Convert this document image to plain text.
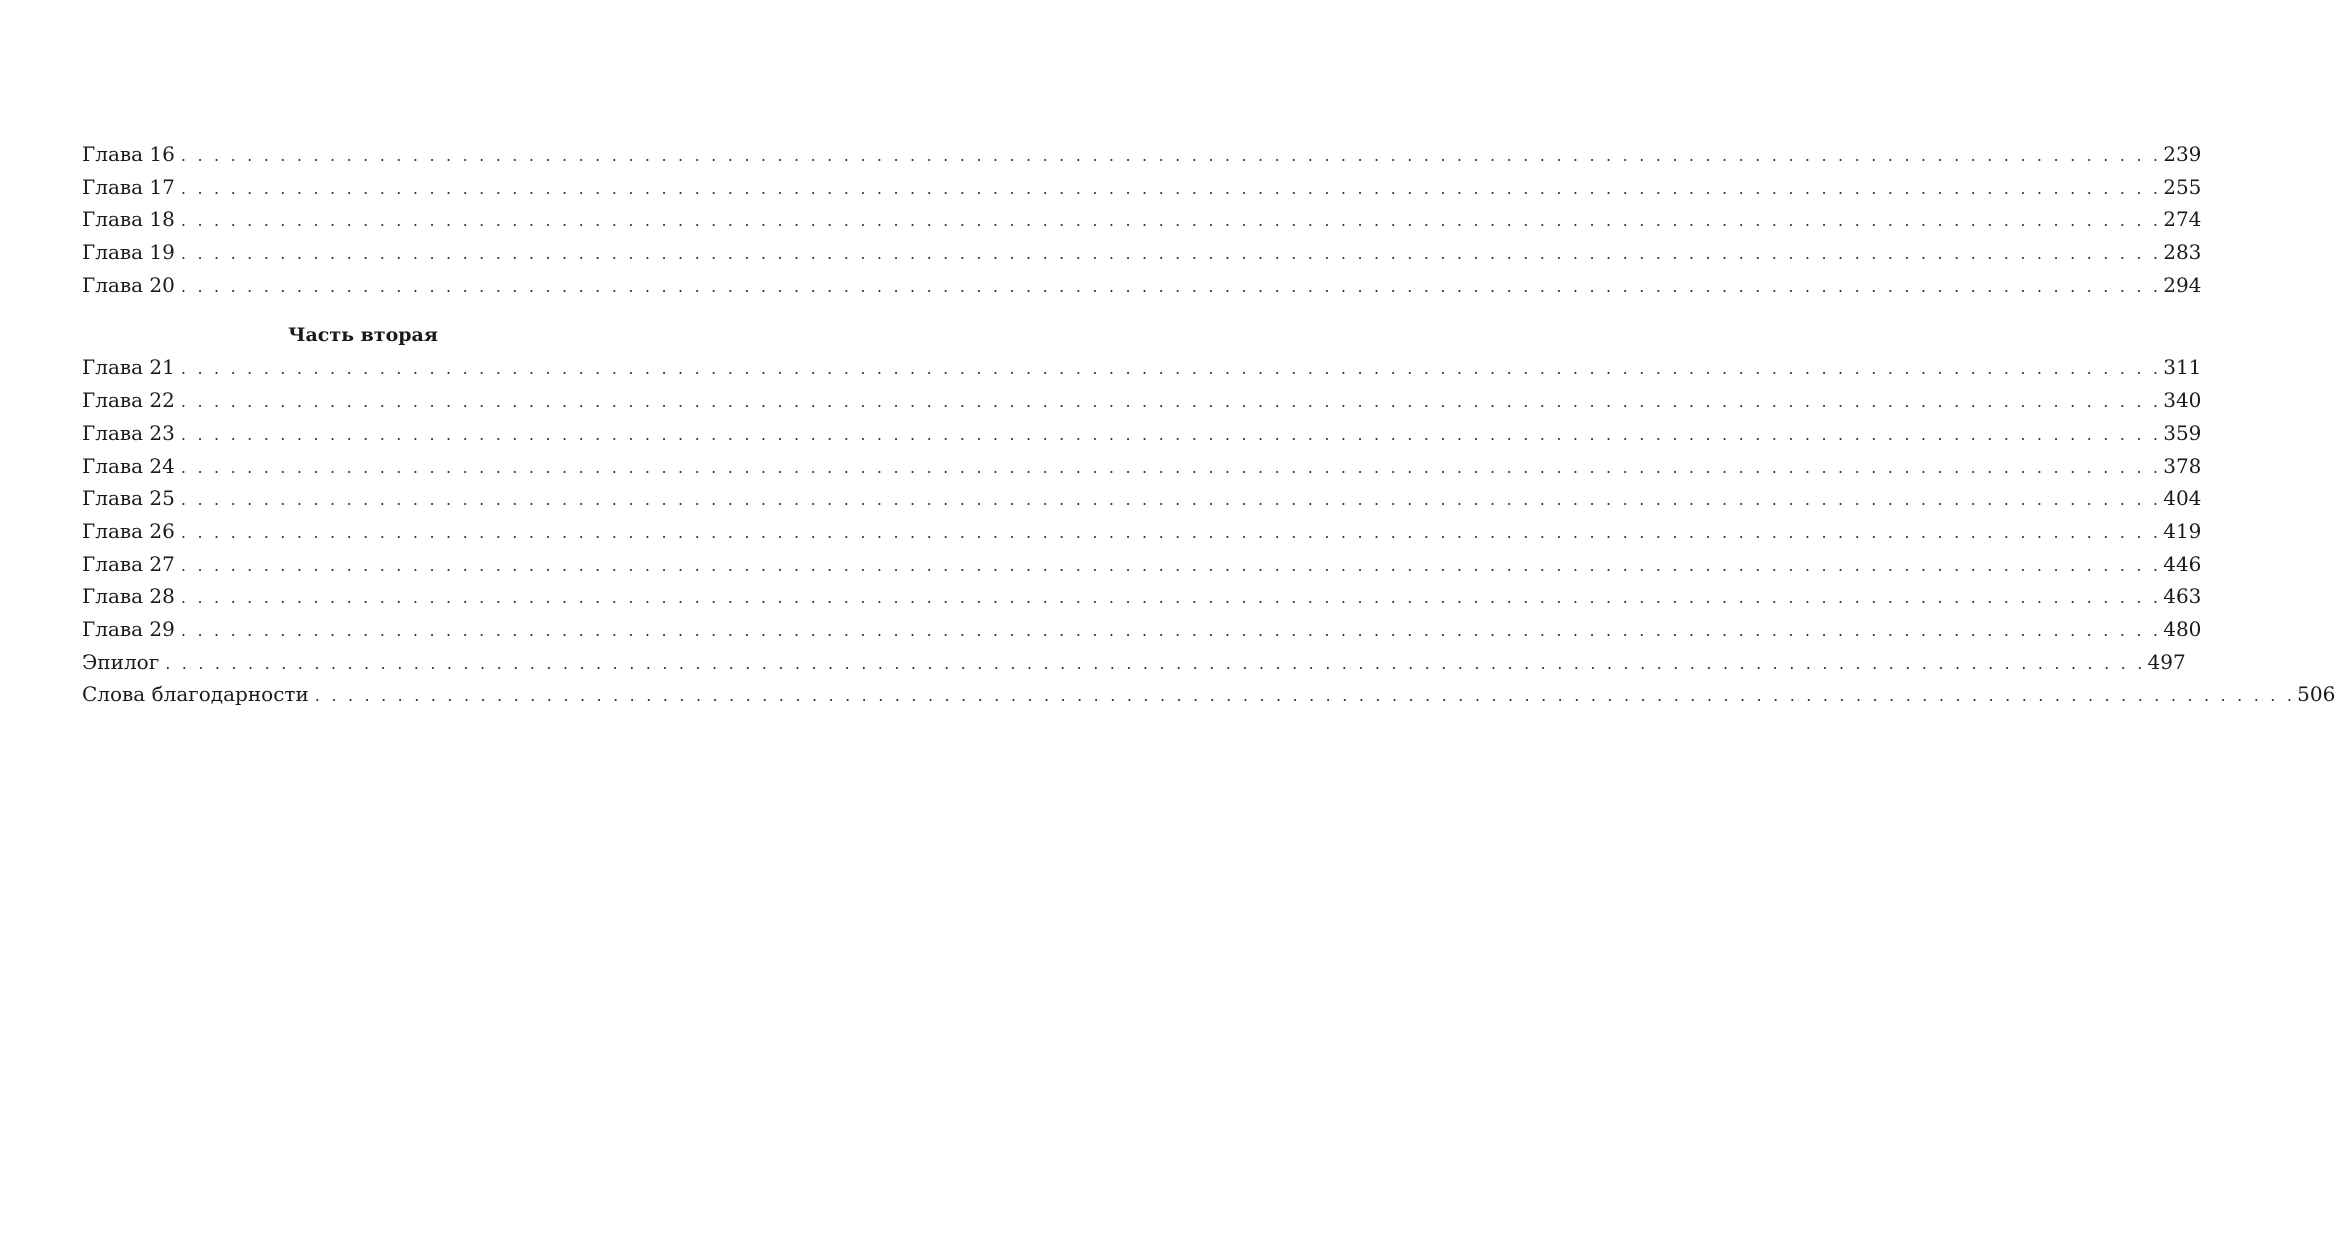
Глава 16 . . . . . . . . . . . . . . . . . . . . . . . . . . . . . . . . . . . . . . . . . . . . . . . . . . . . . . . . . . . . . . . . . . . . . . . . . . . . . . . . . . . . . . . . . . . . . . . . . . . . . . . . . . . . . . . . . . . . . . . . 239
Глава 17 . . . . . . . . . . . . . . . . . . . . . . . . . . . . . . . . . . . . . . . . . . . . . . . . . . . . . . . . . . . . . . . . . . . . . . . . . . . . . . . . . . . . . . . . . . . . . . . . . . . . . . . . . . . . . . . . . . . . . . . . 255
Глава 18 . . . . . . . . . . . . . . . . . . . . . . . . . . . . . . . . . . . . . . . . . . . . . . . . . . . . . . . . . . . . . . . . . . . . . . . . . . . . . . . . . . . . . . . . . . . . . . . . . . . . . . . . . . . . . . . . . . . . . . . . 274
Глава 19 . . . . . . . . . . . . . . . . . . . . . . . . . . . . . . . . . . . . . . . . . . . . . . . . . . . . . . . . . . . . . . . . . . . . . . . . . . . . . . . . . . . . . . . . . . . . . . . . . . . . . . . . . . . . . . . . . . . . . . . . 283
Глава 20 . . . . . . . . . . . . . . . . . . . . . . . . . . . . . . . . . . . . . . . . . . . . . . . . . . . . . . . . . . . . . . . . . . . . . . . . . . . . . . . . . . . . . . . . . . . . . . . . . . . . . . . . . . . . . . . . . . . . . . . . 294
Часть вторая
Глава 21 . . . . . . . . . . . . . . . . . . . . . . . . . . . . . . . . . . . . . . . . . . . . . . . . . . . . . . . . . . . . . . . . . . . . . . . . . . . . . . . . . . . . . . . . . . . . . . . . . . . . . . . . . . . . . . . . . . . . . . . . 311
Глава 22 . . . . . . . . . . . . . . . . . . . . . . . . . . . . . . . . . . . . . . . . . . . . . . . . . . . . . . . . . . . . . . . . . . . . . . . . . . . . . . . . . . . . . . . . . . . . . . . . . . . . . . . . . . . . . . . . . . . . . . . . 340
Глава 23 . . . . . . . . . . . . . . . . . . . . . . . . . . . . . . . . . . . . . . . . . . . . . . . . . . . . . . . . . . . . . . . . . . . . . . . . . . . . . . . . . . . . . . . . . . . . . . . . . . . . . . . . . . . . . . . . . . . . . . . . 359
Глава 24 . . . . . . . . . . . . . . . . . . . . . . . . . . . . . . . . . . . . . . . . . . . . . . . . . . . . . . . . . . . . . . . . . . . . . . . . . . . . . . . . . . . . . . . . . . . . . . . . . . . . . . . . . . . . . . . . . . . . . . . . 378
Глава 25 . . . . . . . . . . . . . . . . . . . . . . . . . . . . . . . . . . . . . . . . . . . . . . . . . . . . . . . . . . . . . . . . . . . . . . . . . . . . . . . . . . . . . . . . . . . . . . . . . . . . . . . . . . . . . . . . . . . . . . . . 404
Глава 26 . . . . . . . . . . . . . . . . . . . . . . . . . . . . . . . . . . . . . . . . . . . . . . . . . . . . . . . . . . . . . . . . . . . . . . . . . . . . . . . . . . . . . . . . . . . . . . . . . . . . . . . . . . . . . . . . . . . . . . . . 419
Глава 27 . . . . . . . . . . . . . . . . . . . . . . . . . . . . . . . . . . . . . . . . . . . . . . . . . . . . . . . . . . . . . . . . . . . . . . . . . . . . . . . . . . . . . . . . . . . . . . . . . . . . . . . . . . . . . . . . . . . . . . . . 446
Глава 28 . . . . . . . . . . . . . . . . . . . . . . . . . . . . . . . . . . . . . . . . . . . . . . . . . . . . . . . . . . . . . . . . . . . . . . . . . . . . . . . . . . . . . . . . . . . . . . . . . . . . . . . . . . . . . . . . . . . . . . . . 463
Глава 29 . . . . . . . . . . . . . . . . . . . . . . . . . . . . . . . . . . . . . . . . . . . . . . . . . . . . . . . . . . . . . . . . . . . . . . . . . . . . . . . . . . . . . . . . . . . . . . . . . . . . . . . . . . . . . . . . . . . . . . . . 480
Эпилог . . . . . . . . . . . . . . . . . . . . . . . . . . . . . . . . . . . . . . . . . . . . . . . . . . . . . . . . . . . . . . . . . . . . . . . . . . . . . . . . . . . . . . . . . . . . . . . . . . . . . . . . . . . . . . . . . . . . . . . . 497
Слова благодарности . . . . . . . . . . . . . . . . . . . . . . . . . . . . . . . . . . . . . . . . . . . . . . . . . . . . . . . . . . . . . . . . . . . . . . . . . . . . . . . . . . . . . . . . . . . . . . . . . . . . . . . . . . . . . . . . . . . . . . . . 506
